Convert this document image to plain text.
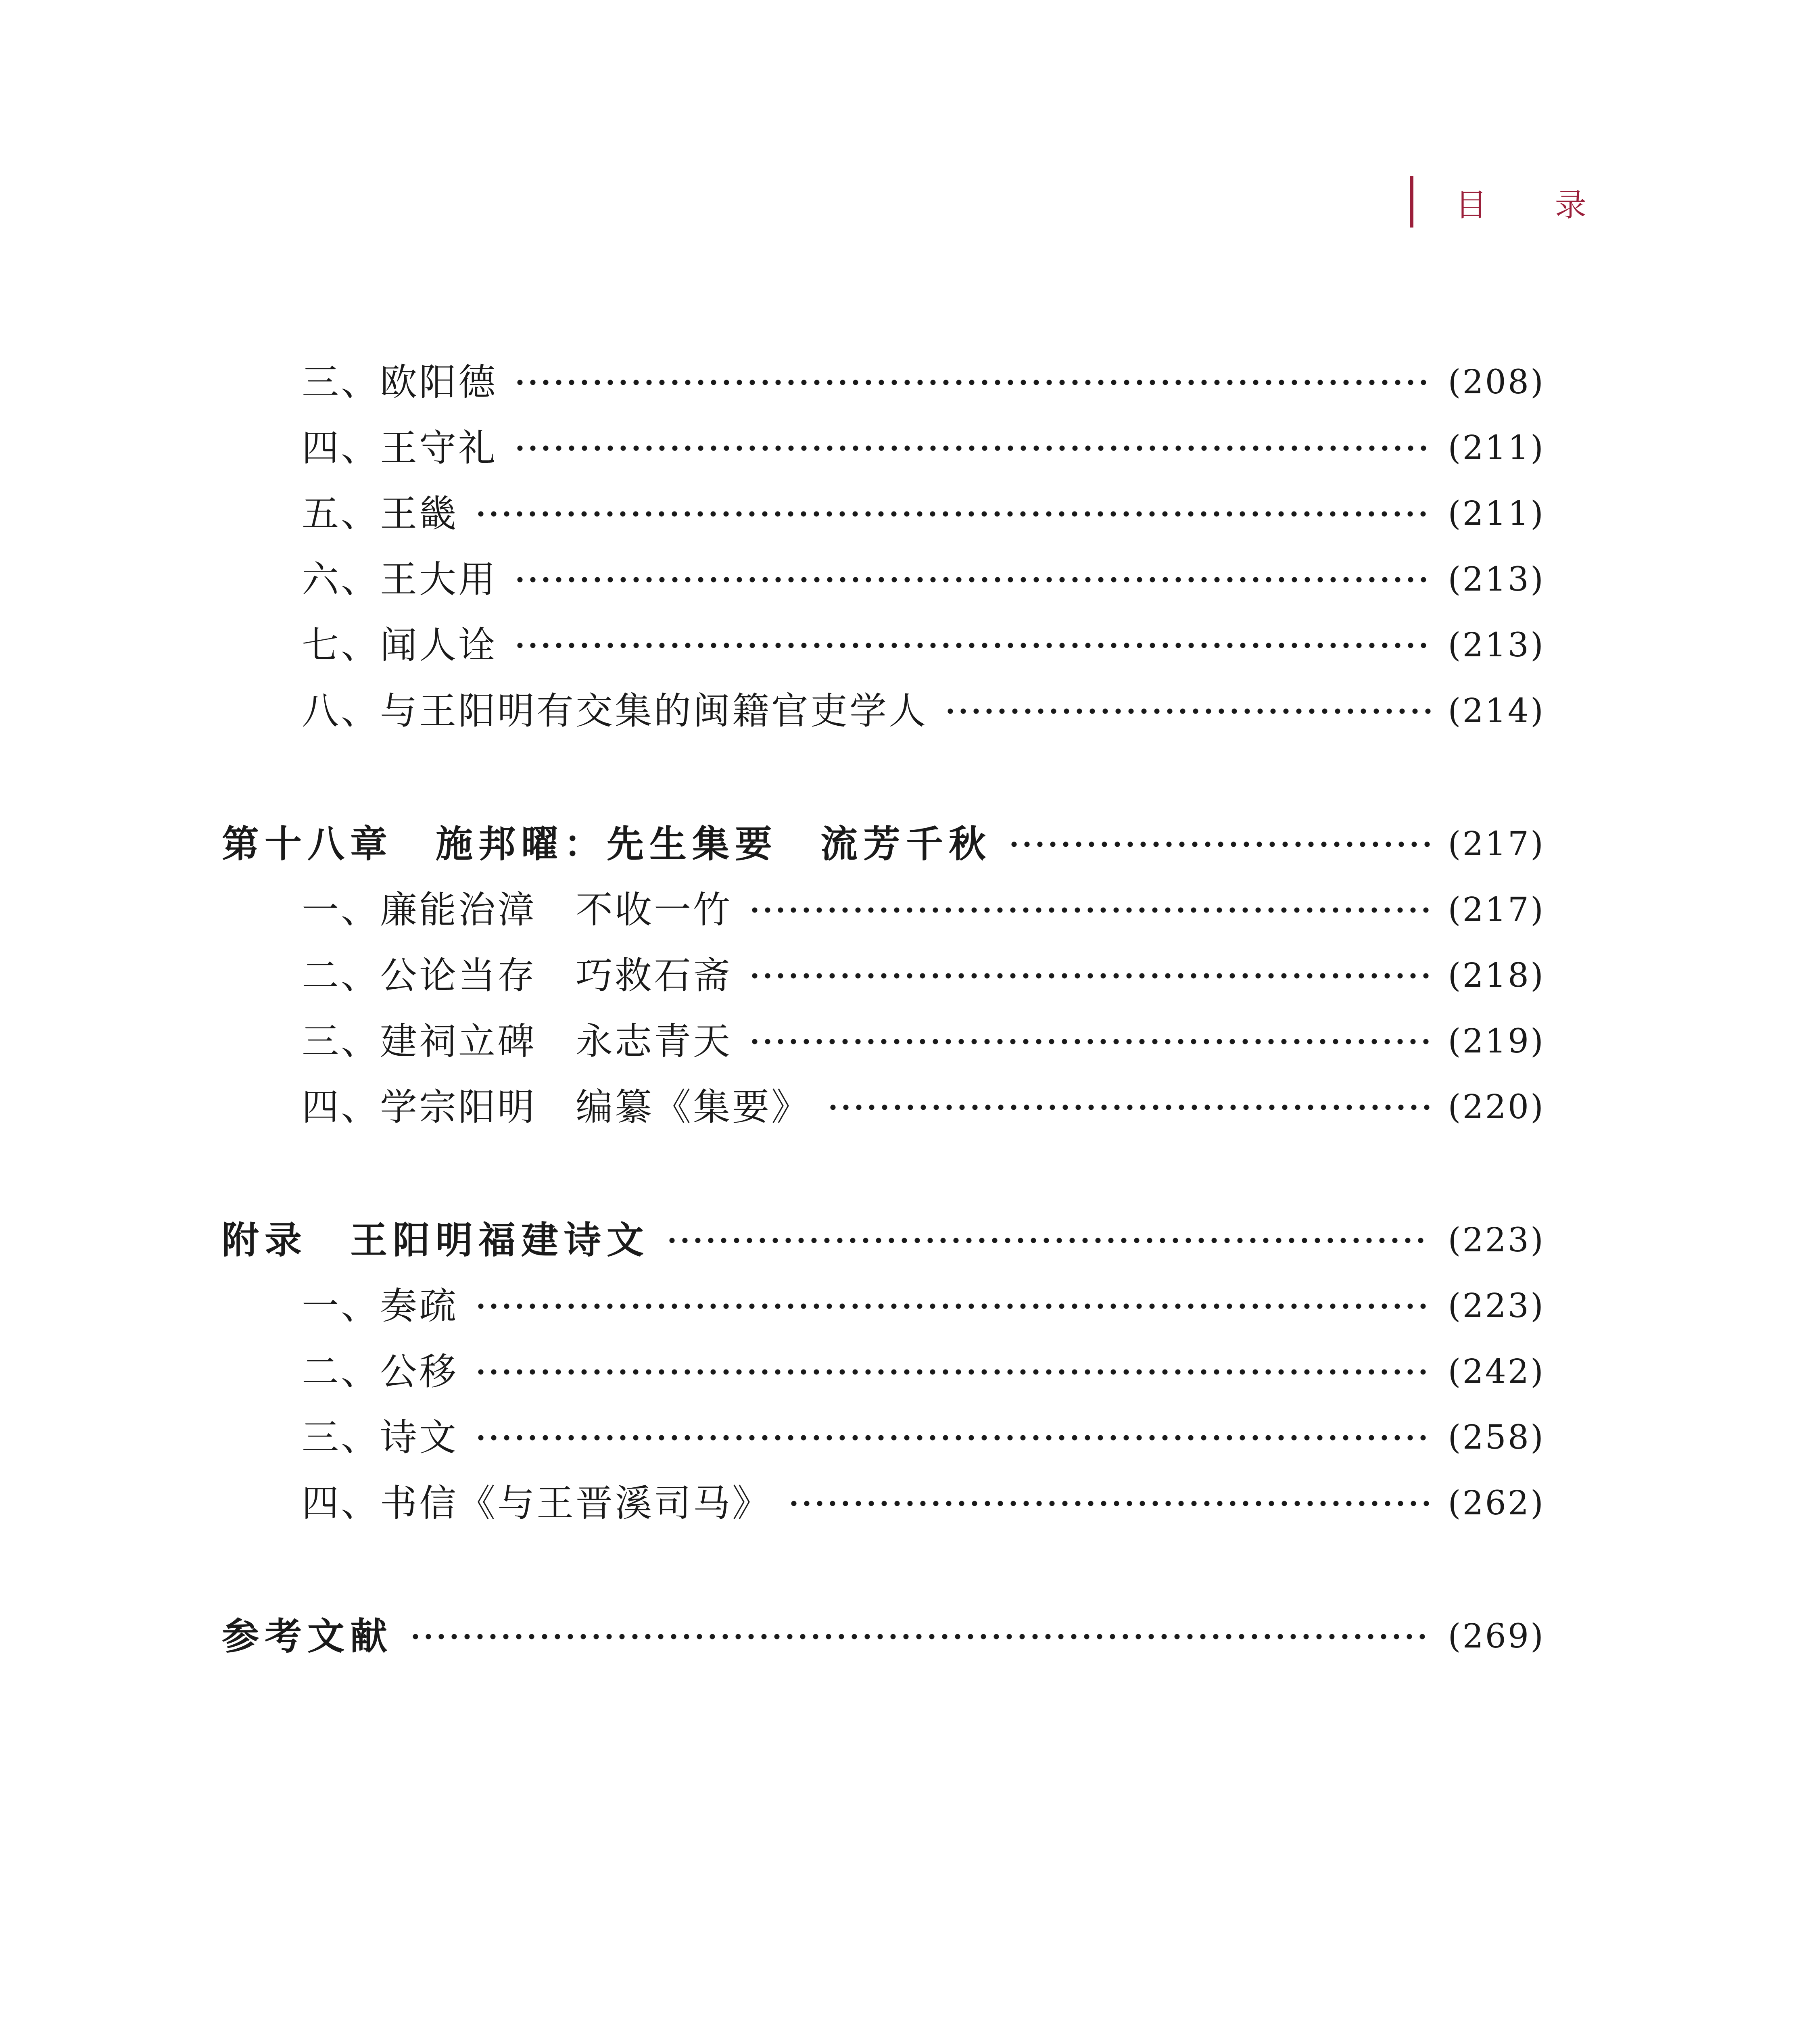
目 录
三、欧阳德	(208)
四、王守礼	(211)
五、王畿	(211)
六、王大用	(213)
七、闻人诠	(213)
八、与王阳明有交集的闽籍官吏学人	(214)
第十八章　施邦曜：先生集要　流芳千秋	(217)
一、廉能治漳　不收一竹	(217)
二、公论当存　巧救石斋	(218)
三、建祠立碑　永志青天	(219)
四、学宗阳明　编纂《集要》	(220)
附录　王阳明福建诗文	(223)
一、奏疏	(223)
二、公移	(242)
三、诗文	(258)
四、书信《与王晋溪司马》	(262)
参考文献	(269)
